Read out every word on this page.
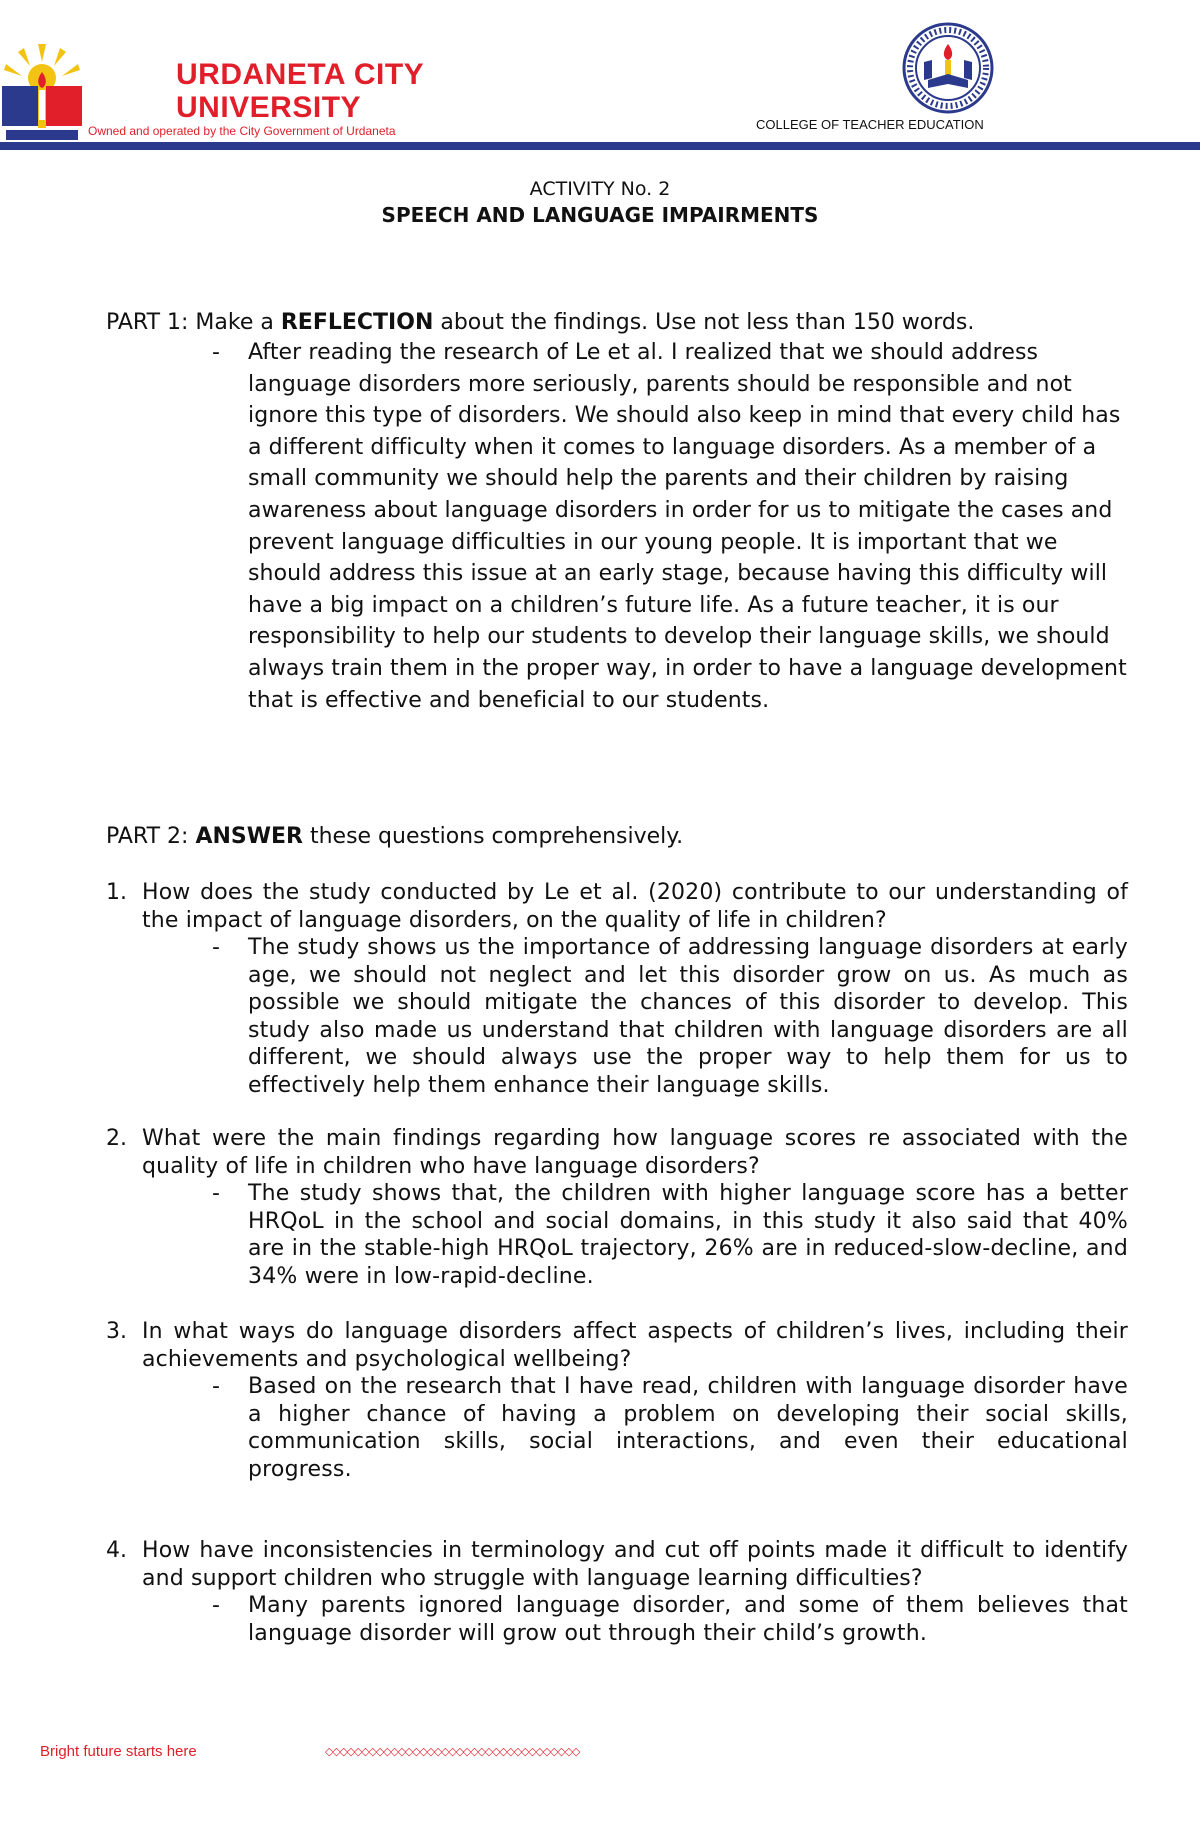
1966
URDANETA CITY
UNIVERSITY
Owned and operated by the City Government of Urdaneta	COLLEGE OF TEACHER EDUCATION
ACTIVITY No. 2
SPEECH AND LANGUAGE IMPAIRMENTS
PART 1: Make a REFLECTION about the findings. Use not less than 150 words.
- After reading the research of Le et al. I realized that we should address language disorders more seriously, parents should be responsible and not ignore this type of disorders. We should also keep in mind that every child has a different difficulty when it comes to language disorders. As a member of a small community we should help the parents and their children by raising awareness about language disorders in order for us to mitigate the cases and prevent language difficulties in our young people. It is important that we should address this issue at an early stage, because having this difficulty will have a big impact on a children’s future life. As a future teacher, it is our responsibility to help our students to develop their language skills, we should always train them in the proper way, in order to have a language development that is effective and beneficial to our students.
PART 2: ANSWER these questions comprehensively.
1. How does the study conducted by Le et al. (2020) contribute to our understanding of the impact of language disorders, on the quality of life in children?
- The study shows us the importance of addressing language disorders at early age, we should not neglect and let this disorder grow on us. As much as possible we should mitigate the chances of this disorder to develop. This study also made us understand that children with language disorders are all different, we should always use the proper way to help them for us to effectively help them enhance their language skills.
2. What were the main findings regarding how language scores re associated with the quality of life in children who have language disorders?
- The study shows that, the children with higher language score has a better HRQoL in the school and social domains, in this study it also said that 40% are in the stable-high HRQoL trajectory, 26% are in reduced-slow-decline, and 34% were in low-rapid-decline.
3. In what ways do language disorders affect aspects of children’s lives, including their achievements and psychological wellbeing?
- Based on the research that I have read, children with language disorder have a higher chance of having a problem on developing their social skills, communication skills, social interactions, and even their educational progress.
4. How have inconsistencies in terminology and cut off points made it difficult to identify and support children who struggle with language learning difficulties?
- Many parents ignored language disorder, and some of them believes that language disorder will grow out through their child’s growth.
Bright future starts here	◇◇◇◇◇◇◇◇◇◇◇◇◇◇◇◇◇◇◇◇◇◇◇◇◇◇◇◇◇◇◇◇◇◇◇
